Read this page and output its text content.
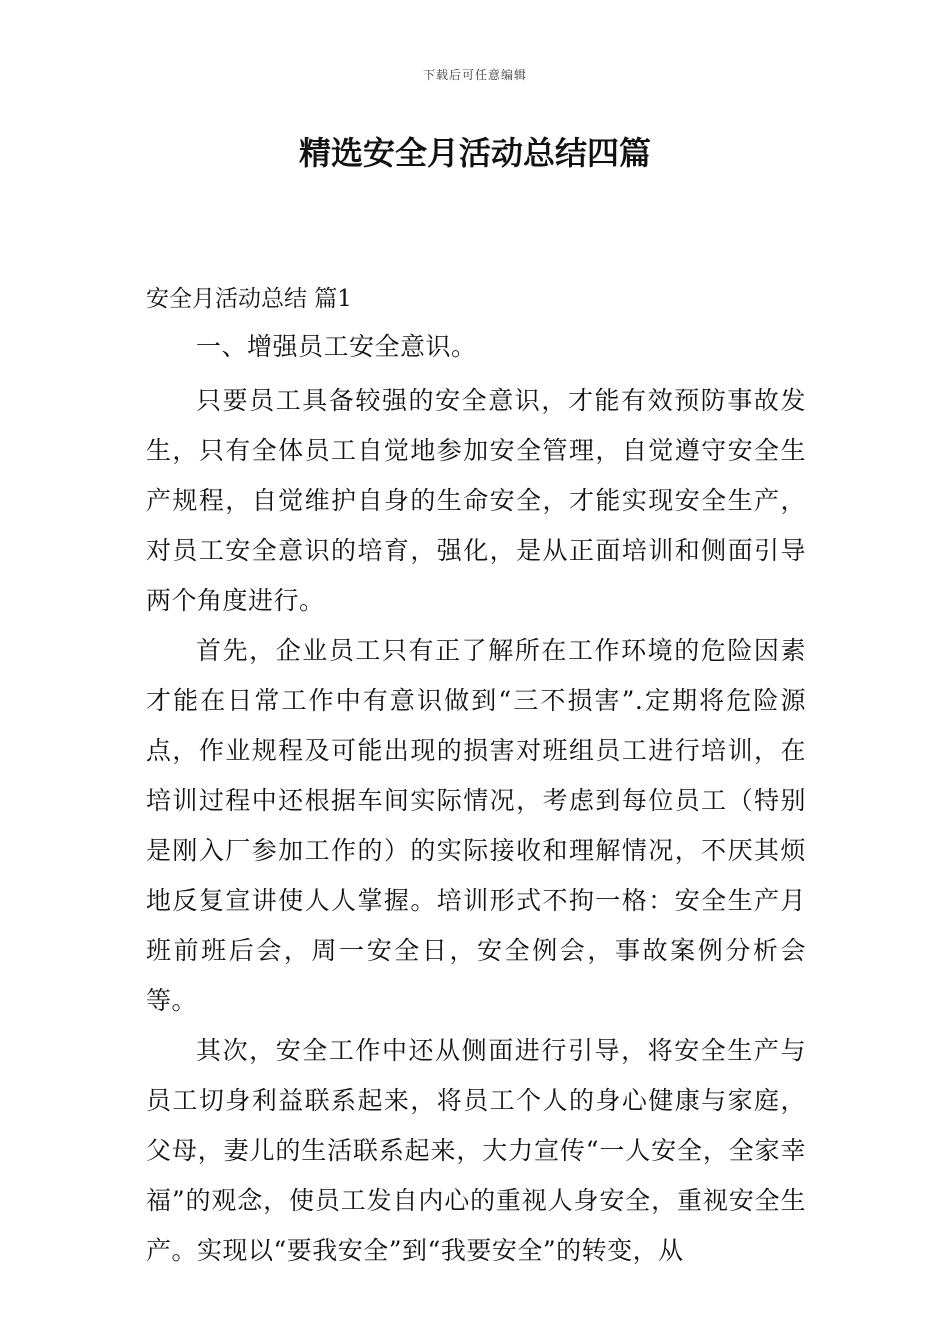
下载后可任意编辑
精选安全月活动总结四篇
安全月活动总结 篇1

一、增强员工安全意识。

只要员工具备较强的安全意识，才能有效预防事故发生，只有全体员工自觉地参加安全管理，自觉遵守安全生产规程，自觉维护自身的生命安全，才能实现安全生产，对员工安全意识的培育，强化，是从正面培训和侧面引导两个角度进行。

首先，企业员工只有正了解所在工作环境的危险因素才能在日常工作中有意识做到“三不损害”.定期将危险源点，作业规程及可能出现的损害对班组员工进行培训，在培训过程中还根据车间实际情况，考虑到每位员工（特别是刚入厂参加工作的）的实际接收和理解情况，不厌其烦地反复宣讲使人人掌握。培训形式不拘一格：安全生产月班前班后会，周一安全日，安全例会，事故案例分析会等。

其次，安全工作中还从侧面进行引导，将安全生产与员工切身利益联系起来，将员工个人的身心健康与家庭，父母，妻儿的生活联系起来，大力宣传“一人安全，全家幸福”的观念，使员工发自内心的重视人身安全，重视安全生产。实现以“要我安全”到“我要安全”的转变，从
